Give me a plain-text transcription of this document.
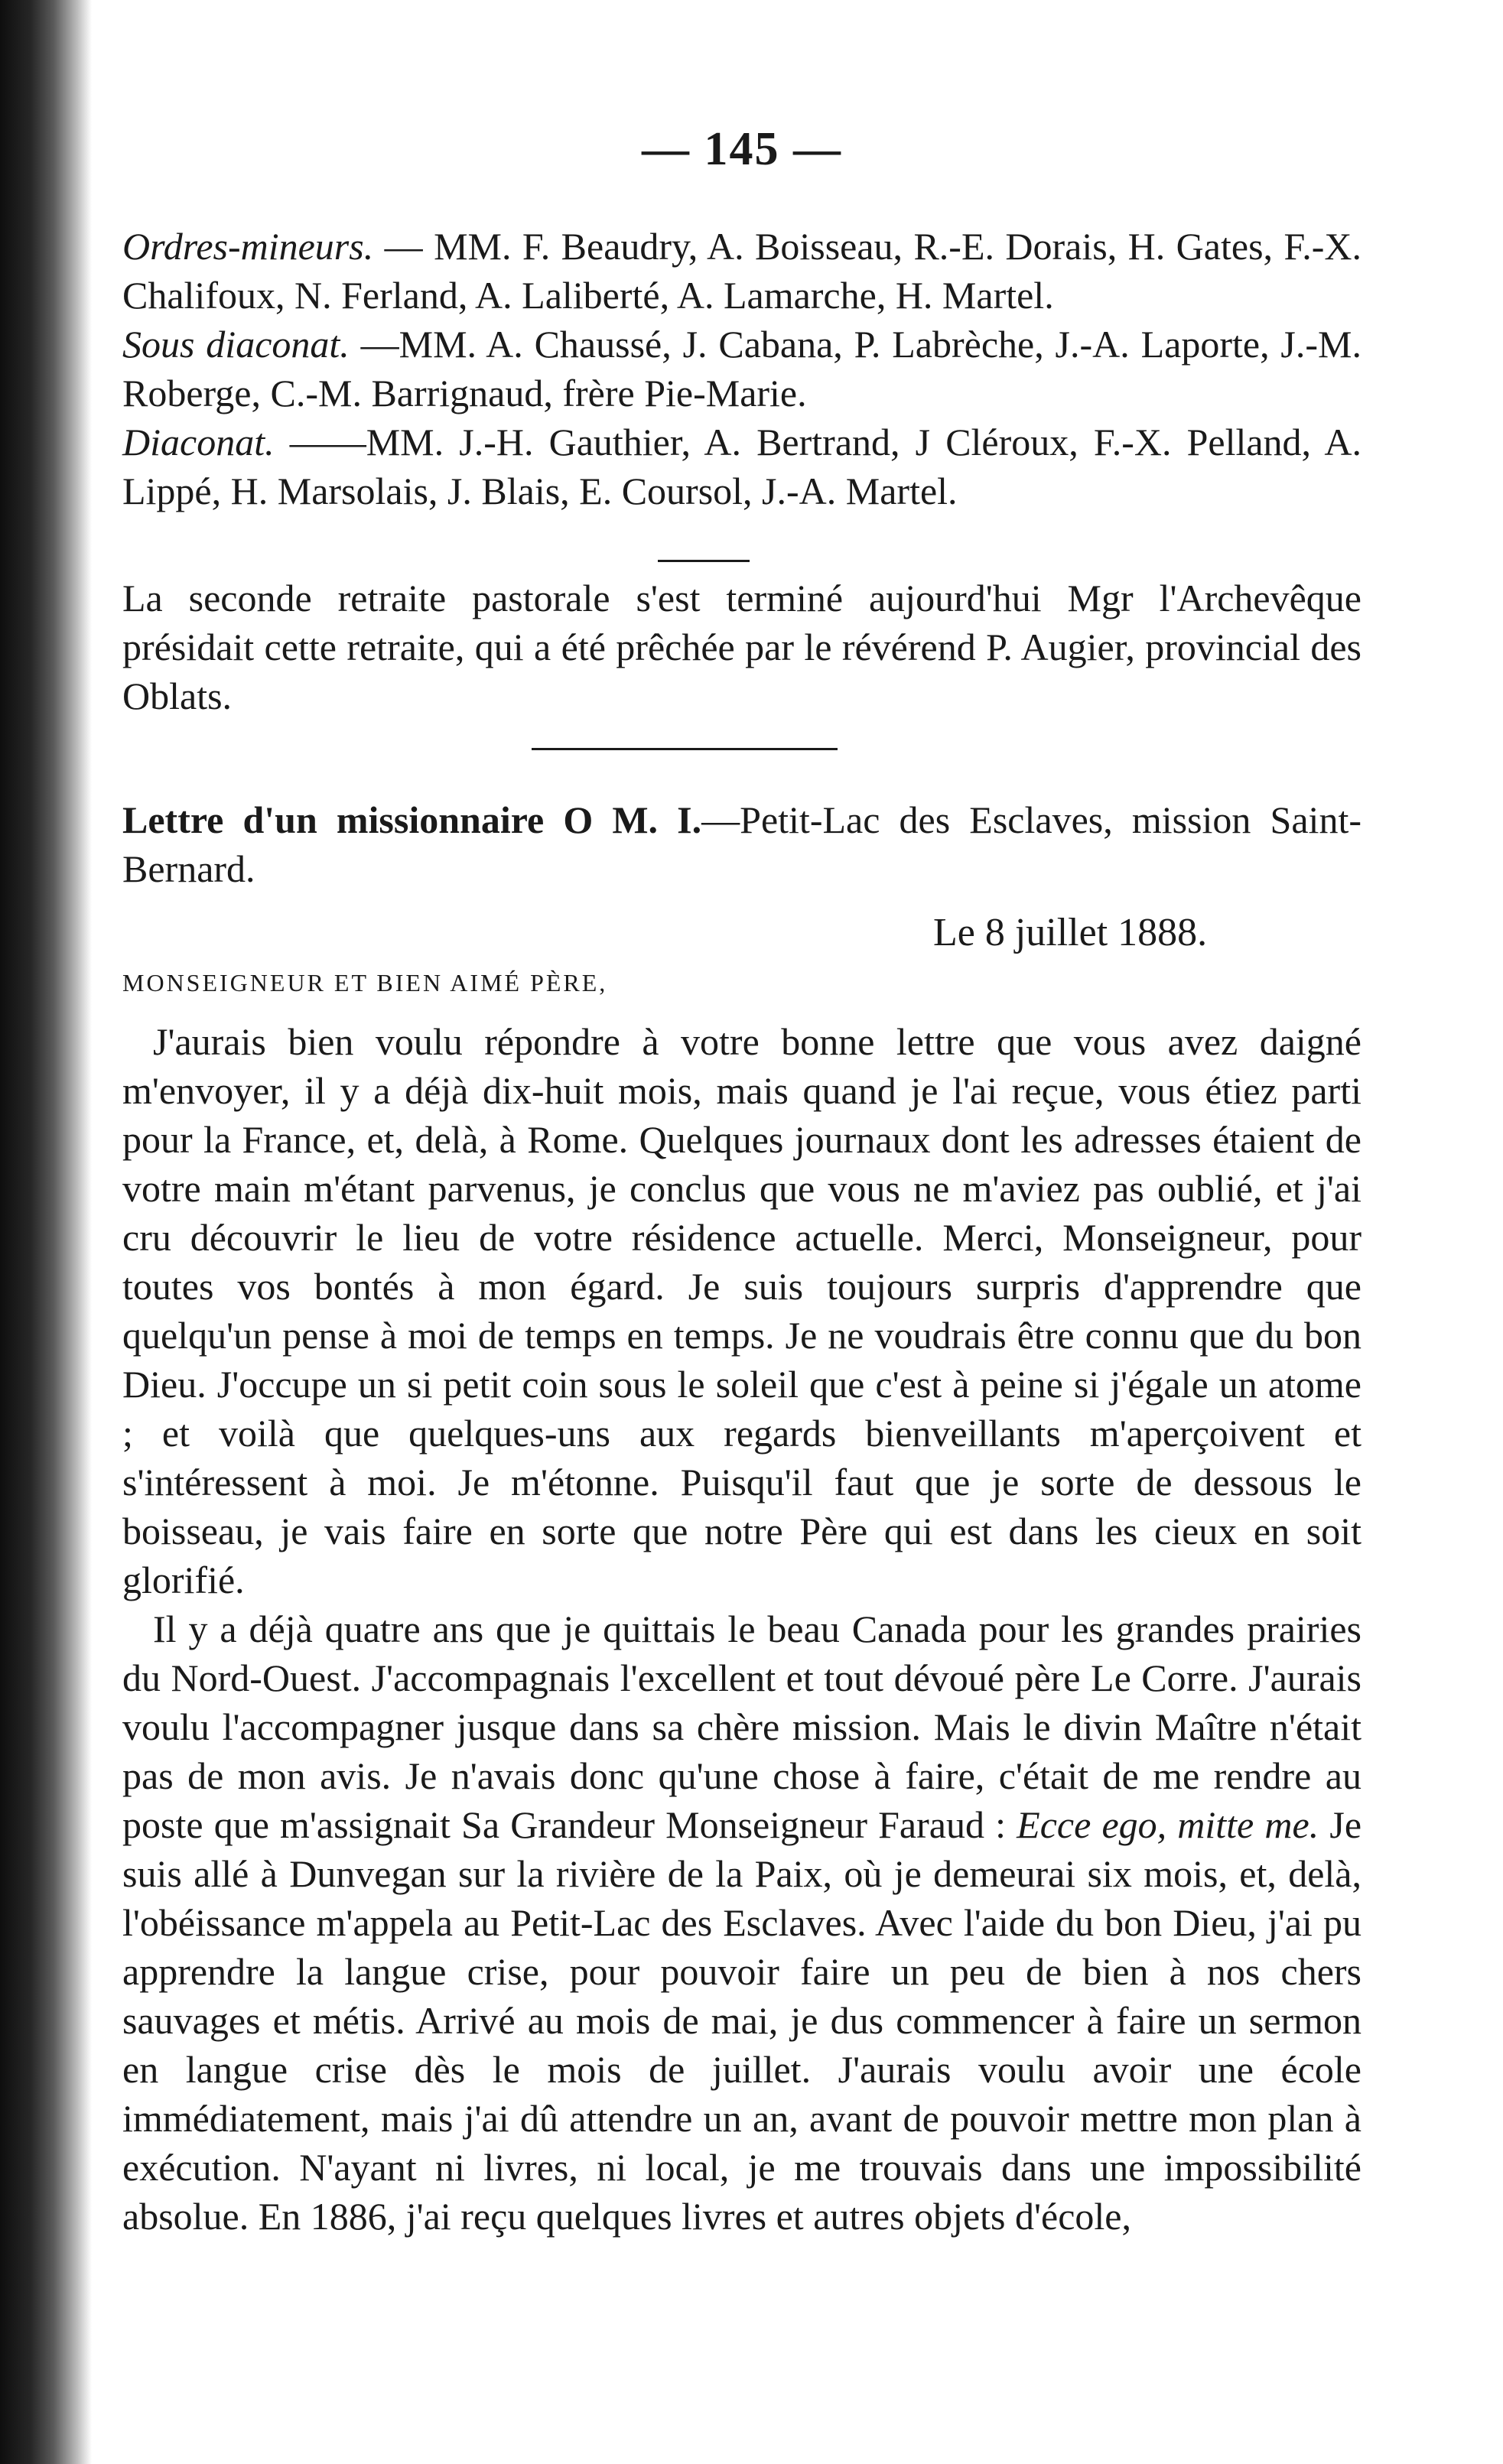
— 145 —
Ordres-mineurs. — MM. F. Beaudry, A. Boisseau, R.-E. Dorais, H. Gates, F.-X. Chalifoux, N. Ferland, A. Laliberté, A. Lamarche, H. Martel.
Sous diaconat. —MM. A. Chaussé, J. Cabana, P. Labrèche, J.-A. Laporte, J.-M. Roberge, C.-M. Barrignaud, frère Pie-Marie.
Diaconat. ——MM. J.-H. Gauthier, A. Bertrand, J Cléroux, F.-X. Pelland, A. Lippé, H. Marsolais, J. Blais, E. Coursol, J.-A. Martel.
La seconde retraite pastorale s'est terminé aujourd'hui Mgr l'Archevêque présidait cette retraite, qui a été prêchée par le révérend P. Augier, provincial des Oblats.
Lettre d'un missionnaire O M. I.—Petit-Lac des Esclaves, mission Saint-Bernard.
Le 8 juillet 1888.
MONSEIGNEUR ET BIEN AIMÉ PÈRE,

J'aurais bien voulu répondre à votre bonne lettre que vous avez daigné m'envoyer, il y a déjà dix-huit mois, mais quand je l'ai reçue, vous étiez parti pour la France, et, delà, à Rome. Quelques journaux dont les adresses étaient de votre main m'étant parvenus, je conclus que vous ne m'aviez pas oublié, et j'ai cru découvrir le lieu de votre résidence actuelle. Merci, Monseigneur, pour toutes vos bontés à mon égard. Je suis toujours surpris d'apprendre que quelqu'un pense à moi de temps en temps. Je ne voudrais être connu que du bon Dieu. J'occupe un si petit coin sous le soleil que c'est à peine si j'égale un atome ; et voilà que quelques-uns aux regards bienveillants m'aperçoivent et s'intéressent à moi. Je m'étonne. Puisqu'il faut que je sorte de dessous le boisseau, je vais faire en sorte que notre Père qui est dans les cieux en soit glorifié.

Il y a déjà quatre ans que je quittais le beau Canada pour les grandes prairies du Nord-Ouest. J'accompagnais l'excellent et tout dévoué père Le Corre. J'aurais voulu l'accompagner jusque dans sa chère mission. Mais le divin Maître n'était pas de mon avis. Je n'avais donc qu'une chose à faire, c'était de me rendre au poste que m'assignait Sa Grandeur Monseigneur Faraud : Ecce ego, mitte me. Je suis allé à Dunvegan sur la rivière de la Paix, où je demeurai six mois, et, delà, l'obéissance m'appela au Petit-Lac des Esclaves. Avec l'aide du bon Dieu, j'ai pu apprendre la langue crise, pour pouvoir faire un peu de bien à nos chers sauvages et métis. Arrivé au mois de mai, je dus commencer à faire un sermon en langue crise dès le mois de juillet. J'aurais voulu avoir une école immédiatement, mais j'ai dû attendre un an, avant de pouvoir mettre mon plan à exécution. N'ayant ni livres, ni local, je me trouvais dans une impossibilité absolue. En 1886, j'ai reçu quelques livres et autres objets d'école,
